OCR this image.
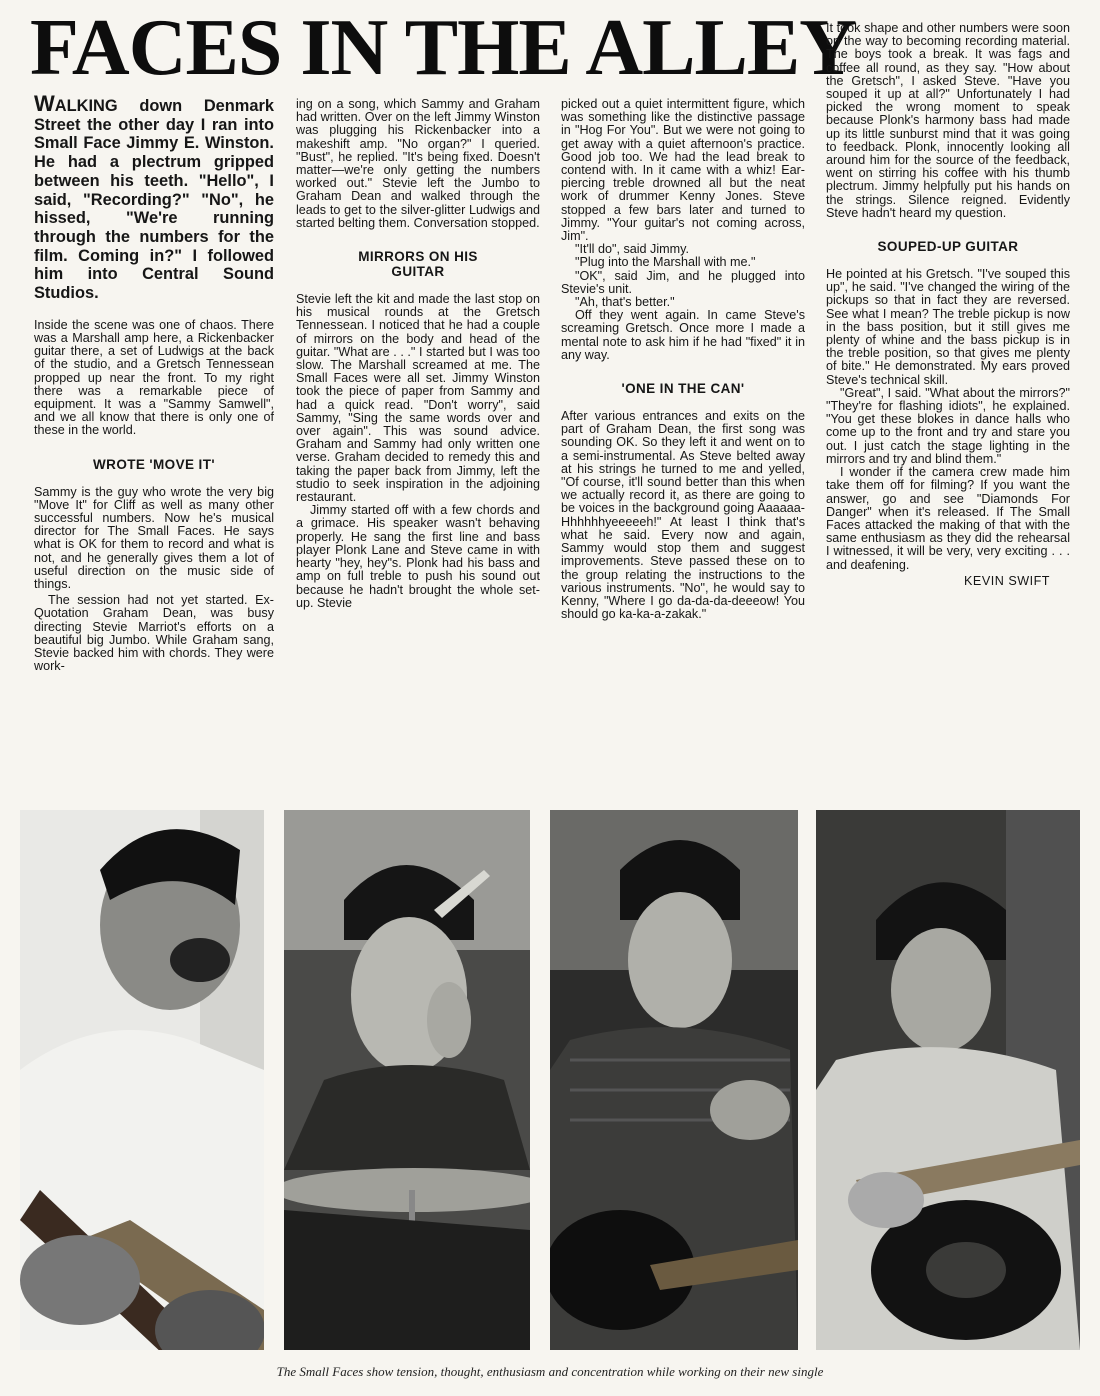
FACES IN THE ALLEY
WALKING down Denmark Street the other day I ran into Small Face Jimmy E. Winston. He had a plectrum gripped between his teeth. "Hello", I said, "Recording?" "No", he hissed, "We're running through the numbers for the film. Coming in?" I followed him into Central Sound Studios.

Inside the scene was one of chaos. There was a Marshall amp here, a Rickenbacker guitar there, a set of Ludwigs at the back of the studio, and a Gretsch Tennessean propped up near the front. To my right there was a remarkable piece of equipment. It was a "Sammy Samwell", and we all know that there is only one of these in the world.

WROTE 'MOVE IT'

Sammy is the guy who wrote the very big "Move It" for Cliff as well as many other successful numbers. Now he's musical director for The Small Faces. He says what is OK for them to record and what is not, and he generally gives them a lot of useful direction on the music side of things.

The session had not yet started. Ex-Quotation Graham Dean, was busy directing Stevie Marriot's efforts on a beautiful big Jumbo. While Graham sang, Stevie backed him with chords. They were work-

ing on a song, which Sammy and Graham had written. Over on the left Jimmy Winston was plugging his Rickenbacker into a makeshift amp. "No organ?" I queried. "Bust", he replied. "It's being fixed. Doesn't matter—we're only getting the numbers worked out." Stevie left the Jumbo to Graham Dean and walked through the leads to get to the silver-glitter Ludwigs and started belting them. Conversation stopped.

MIRRORS ON HIS GUITAR

Stevie left the kit and made the last stop on his musical rounds at the Gretsch Tennessean. I noticed that he had a couple of mirrors on the body and head of the guitar. "What are . . ." I started but I was too slow. The Marshall screamed at me. The Small Faces were all set. Jimmy Winston took the piece of paper from Sammy and had a quick read. "Don't worry", said Sammy, "Sing the same words over and over again". This was sound advice. Graham and Sammy had only written one verse. Graham decided to remedy this and taking the paper back from Jimmy, left the studio to seek inspiration in the adjoining restaurant.

Jimmy started off with a few chords and a grimace. His speaker wasn't behaving properly. He sang the first line and bass player Plonk Lane and Steve came in with hearty "hey, hey"s. Plonk had his bass and amp on full treble to push his sound out because he hadn't brought the whole set-up. Stevie

picked out a quiet intermittent figure, which was something like the distinctive passage in "Hog For You". But we were not going to get away with a quiet afternoon's practice. Good job too. We had the lead break to contend with. In it came with a whiz! Ear-piercing treble drowned all but the neat work of drummer Kenny Jones. Steve stopped a few bars later and turned to Jimmy. "Your guitar's not coming across, Jim".

"It'll do", said Jimmy.

"Plug into the Marshall with me."

"OK", said Jim, and he plugged into Stevie's unit.

"Ah, that's better."

Off they went again. In came Steve's screaming Gretsch. Once more I made a mental note to ask him if he had "fixed" it in any way.

'ONE IN THE CAN'

After various entrances and exits on the part of Graham Dean, the first song was sounding OK. So they left it and went on to a semi-instrumental. As Steve belted away at his strings he turned to me and yelled, "Of course, it'll sound better than this when we actually record it, as there are going to be voices in the background going Aaaaaa-Hhhhhhyeeeeeh!" At least I think that's what he said. Every now and again, Sammy would stop them and suggest improvements. Steve passed these on to the group relating the instructions to the various instruments. "No", he would say to Kenny, "Where I go da-da-da-deeeow! You should go ka-ka-a-zakak."

It took shape and other numbers were soon on the way to becoming recording material. The boys took a break. It was fags and coffee all round, as they say. "How about the Gretsch", I asked Steve. "Have you souped it up at all?" Unfortunately I had picked the wrong moment to speak because Plonk's harmony bass had made up its little sunburst mind that it was going to feedback. Plonk, innocently looking all around him for the source of the feedback, went on stirring his coffee with his thumb plectrum. Jimmy helpfully put his hands on the strings. Silence reigned. Evidently Steve hadn't heard my question.

SOUPED-UP GUITAR

He pointed at his Gretsch. "I've souped this up", he said. "I've changed the wiring of the pickups so that in fact they are reversed. See what I mean? The treble pickup is now in the bass position, but it still gives me plenty of whine and the bass pickup is in the treble position, so that gives me plenty of bite." He demonstrated. My ears proved Steve's technical skill.

"Great", I said. "What about the mirrors?" "They're for flashing idiots", he explained. "You get these blokes in dance halls who come up to the front and try and stare you out. I just catch the stage lighting in the mirrors and try and blind them."

I wonder if the camera crew made him take them off for filming? If you want the answer, go and see "Diamonds For Danger" when it's released. If The Small Faces attacked the making of that with the same enthusiasm as they did the rehearsal I witnessed, it will be very, very exciting . . . and deafening.

KEVIN SWIFT
The Small Faces show tension, thought, enthusiasm and concentration while working on their new single
